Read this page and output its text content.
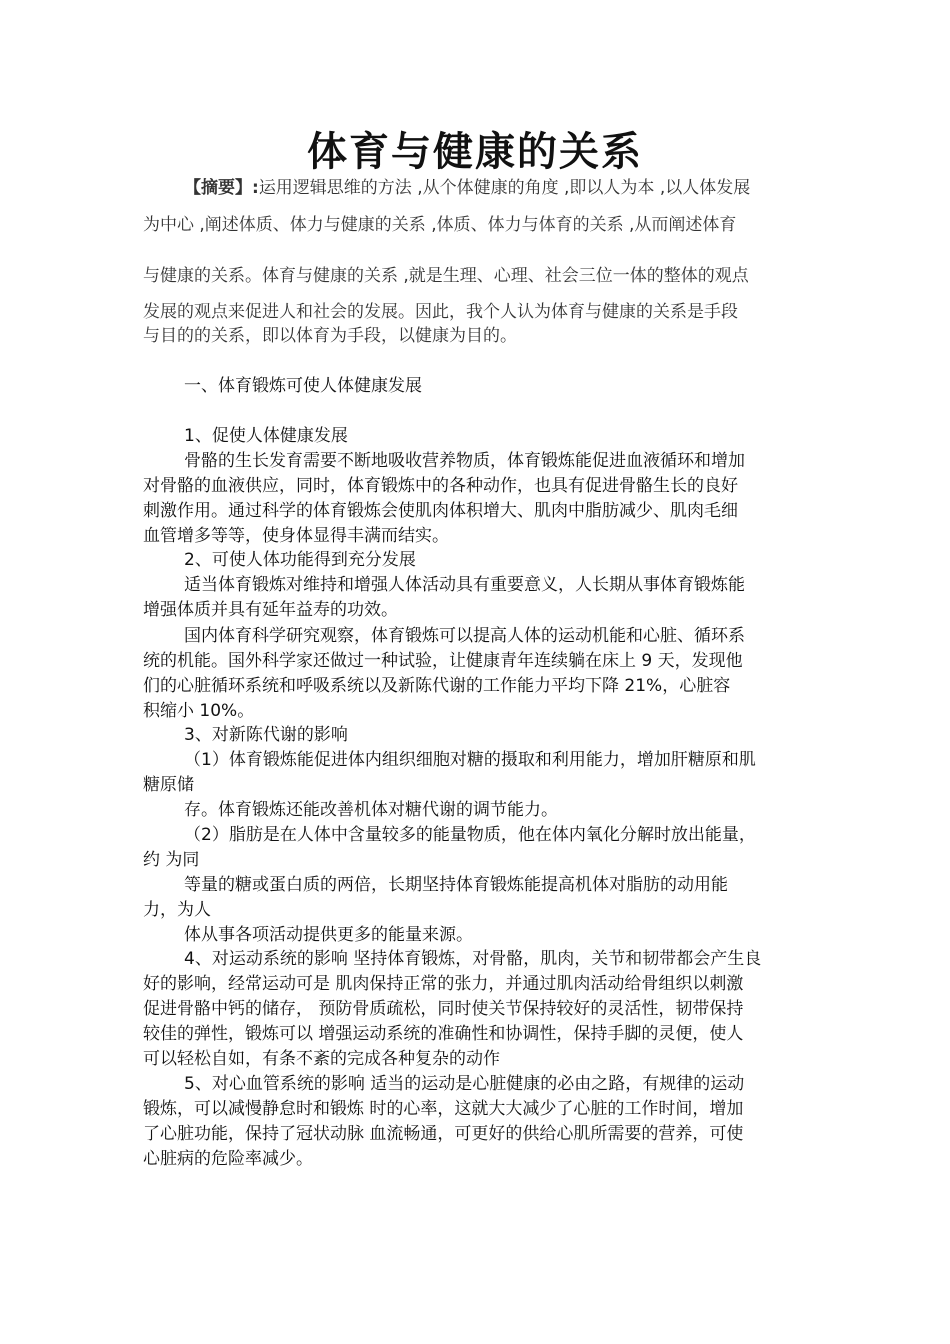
体育与健康的关系
【摘要】:运用逻辑思维的方法 ,从个体健康的角度 ,即以人为本 ,以人体发展
为中心 ,阐述体质、体力与健康的关系 ,体质、体力与体育的关系 ,从而阐述体育
与健康的关系。体育与健康的关系 ,就是生理、心理、社会三位一体的整体的观点
发展的观点来促进人和社会的发展。因此，我个人认为体育与健康的关系是手段
与目的的关系，即以体育为手段，以健康为目的。
一、体育锻炼可使人体健康发展
1、促使人体健康发展
骨骼的生长发育需要不断地吸收营养物质，体育锻炼能促进血液循环和增加
对骨骼的血液供应，同时，体育锻炼中的各种动作，也具有促进骨骼生长的良好
刺激作用。通过科学的体育锻炼会使肌肉体积增大、肌肉中脂肪减少、肌肉毛细
血管增多等等，使身体显得丰满而结实。
2、可使人体功能得到充分发展
适当体育锻炼对维持和增强人体活动具有重要意义，人长期从事体育锻炼能
增强体质并具有延年益寿的功效。
国内体育科学研究观察，体育锻炼可以提高人体的运动机能和心脏、循环系
统的机能。国外科学家还做过一种试验，让健康青年连续躺在床上 9 天，发现他
们的心脏循环系统和呼吸系统以及新陈代谢的工作能力平均下降 21%，心脏容
积缩小 10%。
3、对新陈代谢的影响
（1）体育锻炼能促进体内组织细胞对糖的摄取和利用能力，增加肝糖原和肌
糖原储
存。体育锻炼还能改善机体对糖代谢的调节能力。
（2）脂肪是在人体中含量较多的能量物质，他在体内氧化分解时放出能量，
约 为同
等量的糖或蛋白质的两倍，长期坚持体育锻炼能提高机体对脂肪的动用能
力，为人
体从事各项活动提供更多的能量来源。
4、对运动系统的影响 坚持体育锻炼，对骨骼，肌肉，关节和韧带都会产生良
好的影响，经常运动可是 肌肉保持正常的张力，并通过肌肉活动给骨组织以刺激
促进骨骼中钙的储存， 预防骨质疏松，同时使关节保持较好的灵活性，韧带保持
较佳的弹性，锻炼可以 增强运动系统的准确性和协调性，保持手脚的灵便，使人
可以轻松自如，有条不紊的完成各种复杂的动作
5、对心血管系统的影响 适当的运动是心脏健康的必由之路，有规律的运动
锻炼，可以减慢静怠时和锻炼 时的心率，这就大大减少了心脏的工作时间，增加
了心脏功能，保持了冠状动脉 血流畅通，可更好的供给心肌所需要的营养，可使
心脏病的危险率减少。
